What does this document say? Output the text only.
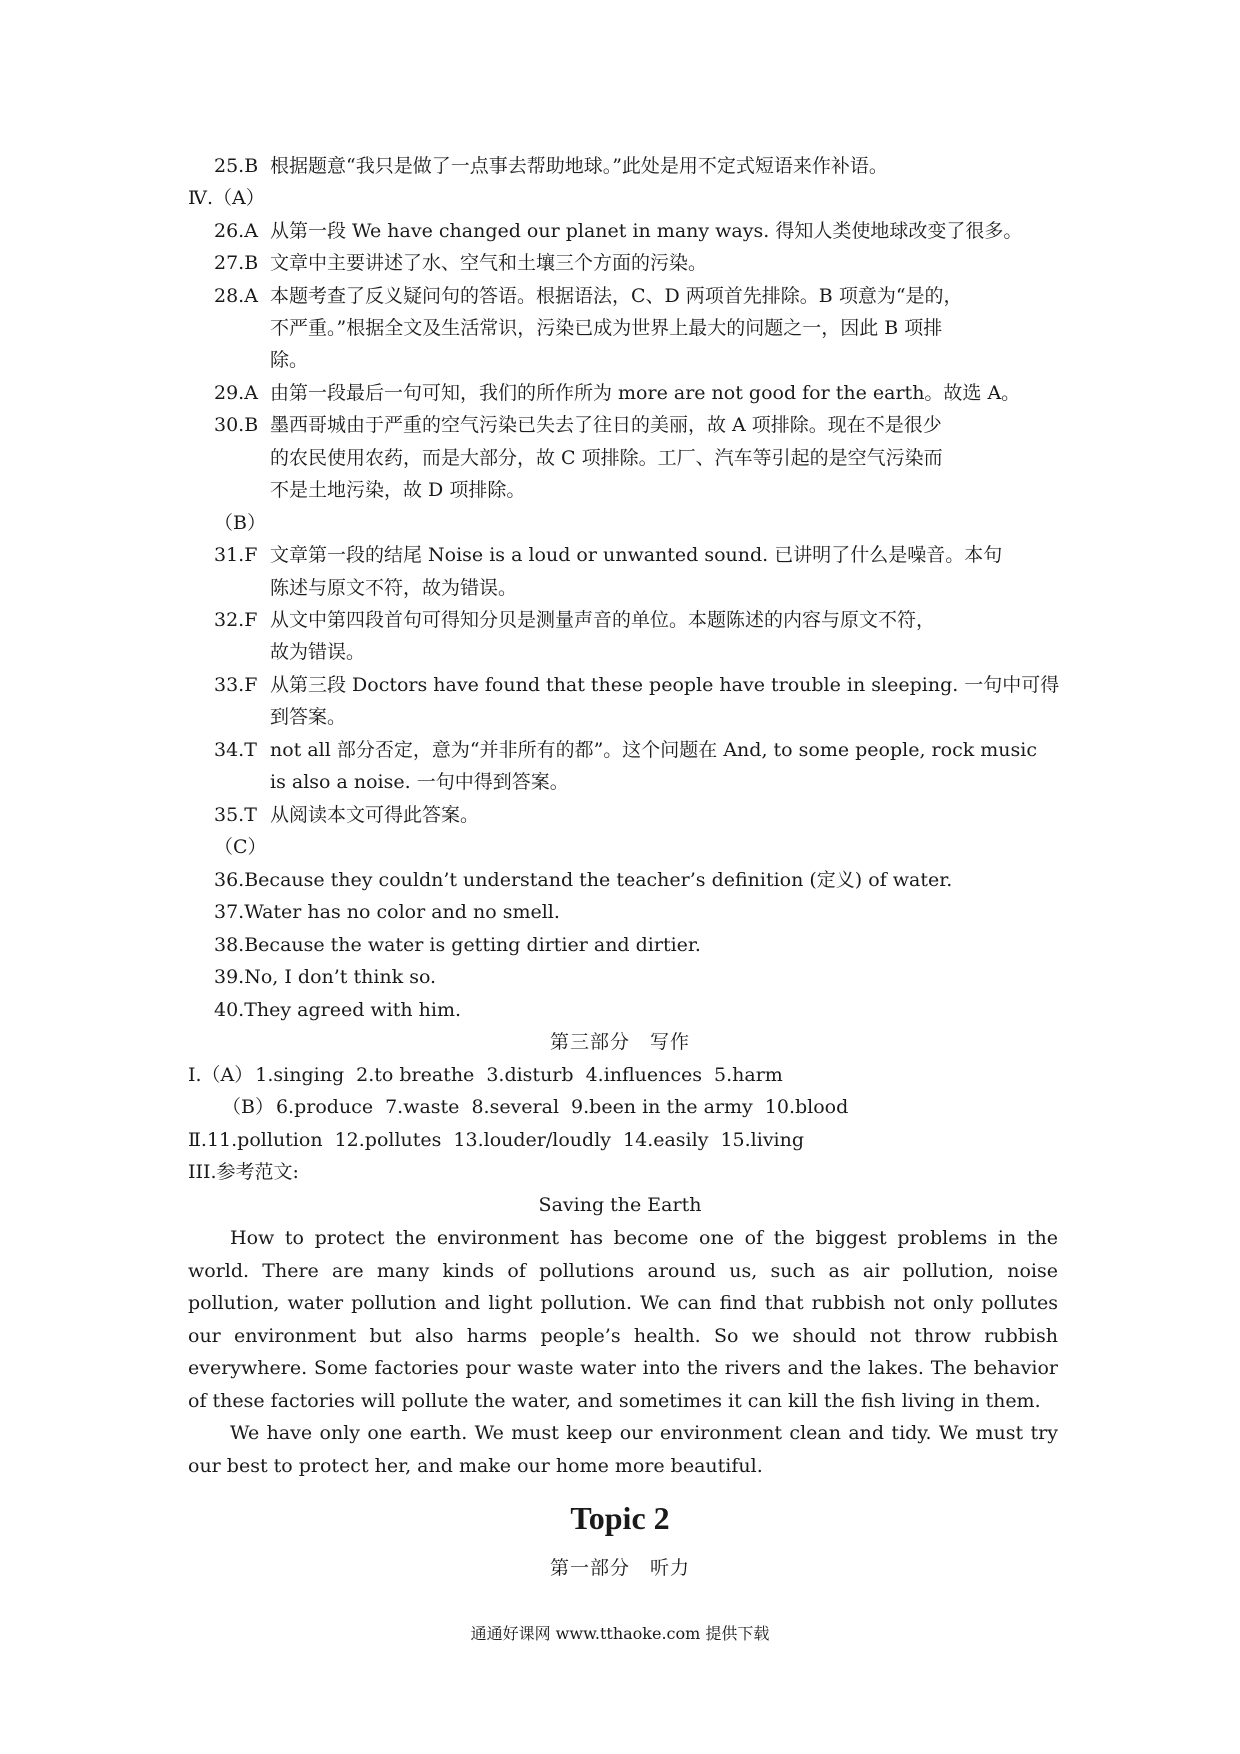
25.B 根据题意“我只是做了一点事去帮助地球。”此处是用不定式短语来作补语。
Ⅳ.（A）
26.A 从第一段 We have changed our planet in many ways. 得知人类使地球改变了很多。
27.B 文章中主要讲述了水、空气和土壤三个方面的污染。
28.A 本题考查了反义疑问句的答语。根据语法，C、D 两项首先排除。B 项意为“是的，
不严重。”根据全文及生活常识，污染已成为世界上最大的问题之一，因此 B 项排
除。
29.A 由第一段最后一句可知，我们的所作所为 more are not good for the earth。故选 A。
30.B 墨西哥城由于严重的空气污染已失去了往日的美丽，故 A 项排除。现在不是很少
的农民使用农药，而是大部分，故 C 项排除。工厂、汽车等引起的是空气污染而
不是土地污染，故 D 项排除。
（B）
31.F 文章第一段的结尾 Noise is a loud or unwanted sound. 已讲明了什么是噪音。本句
陈述与原文不符，故为错误。
32.F 从文中第四段首句可得知分贝是测量声音的单位。本题陈述的内容与原文不符，
故为错误。
33.F 从第三段 Doctors have found that these people have trouble in sleeping. 一句中可得
到答案。
34.T not all 部分否定，意为“并非所有的都”。这个问题在 And, to some people, rock music
is also a noise. 一句中得到答案。
35.T 从阅读本文可得此答案。
（C）
36.Because they couldn’t understand the teacher’s definition (定义) of water.
37.Water has no color and no smell.
38.Because the water is getting dirtier and dirtier.
39.No, I don’t think so.
40.They agreed with him.
第三部分　写作
Ⅰ.（A） 1.singing 2.to breathe 3.disturb 4.influences 5.harm
（B） 6.produce 7.waste 8.several 9.been in the army 10.blood
Ⅱ.11.pollution 12.pollutes 13.louder/loudly 14.easily 15.living
III.参考范文:
Saving the Earth

How to protect the environment has become one of the biggest problems in the world. There are many kinds of pollutions around us, such as air pollution, noise pollution, water pollution and light pollution. We can find that rubbish not only pollutes our environment but also harms people’s health. So we should not throw rubbish everywhere. Some factories pour waste water into the rivers and the lakes. The behavior of these factories will pollute the water, and sometimes it can kill the fish living in them.

We have only one earth. We must keep our environment clean and tidy. We must try our best to protect her, and make our home more beautiful.

Topic 2
第一部分　听力
通通好课网 www.tthaoke.com 提供下载
